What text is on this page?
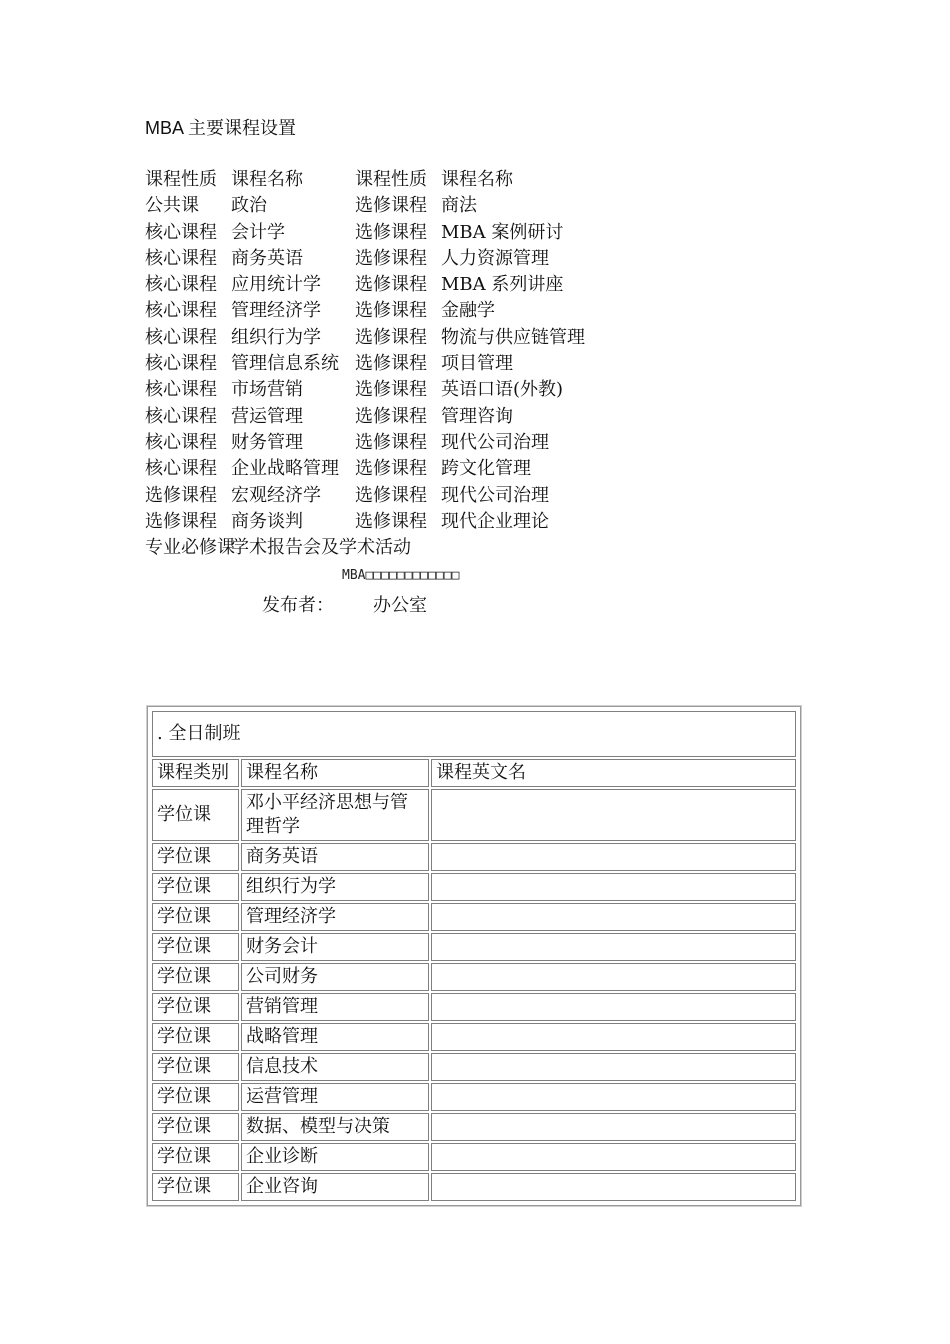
MBA 主要课程设置
课程性质 课程名称	课程性质 课程名称
公共课 政治	选修课程 商法
核心课程 会计学	选修课程 MBA 案例研讨
核心课程 商务英语	选修课程 人力资源管理
核心课程 应用统计学 选修课程 MBA 系列讲座
核心课程 管理经济学 选修课程 金融学
核心课程 组织行为学 选修课程 物流与供应链管理
核心课程 管理信息系统 选修课程 项目管理
核心课程 市场营销	选修课程 英语口语(外教)
核心课程 营运管理	选修课程 管理咨询
核心课程 财务管理	选修课程 现代公司治理
核心课程 企业战略管理 选修课程 跨文化管理
选修课程 宏观经济学 选修课程 现代公司治理
选修课程 商务谈判	选修课程 现代企业理论
专业必修课
学术报告会及学术活动
MBA□□□□□□□□□□□□
发布者： 办公室
. 全日制班		
课程类别	课程名称	课程英文名
学位课	邓小平经济思想与管理哲学	
学位课	商务英语	
学位课	组织行为学	
学位课	管理经济学	
学位课	财务会计	
学位课	公司财务	
学位课	营销管理	
学位课	战略管理	
学位课	信息技术	
学位课	运营管理	
学位课	数据、模型与决策	
学位课	企业诊断	
学位课	企业咨询	
